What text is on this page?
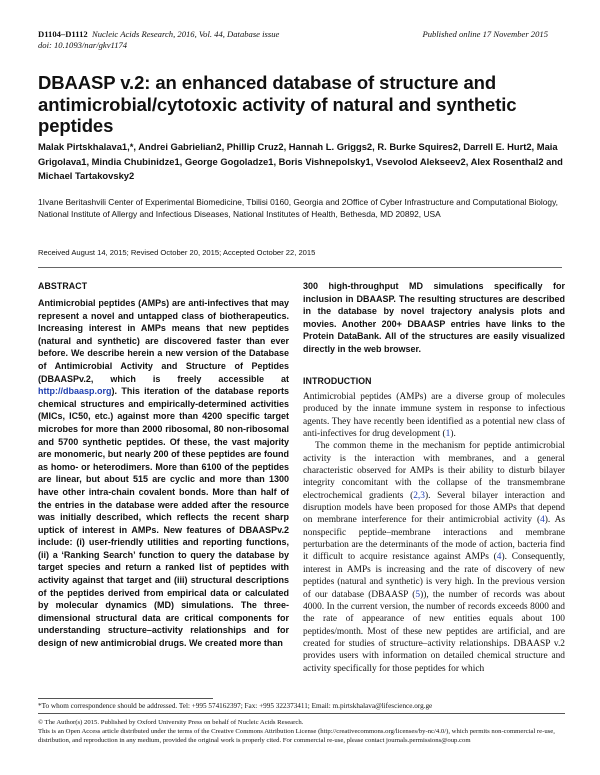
D1104–D1112 Nucleic Acids Research, 2016, Vol. 44, Database issue
doi: 10.1093/nar/gkv1174
Published online 17 November 2015
DBAASP v.2: an enhanced database of structure and antimicrobial/cytotoxic activity of natural and synthetic peptides
Malak Pirtskhalava1,*, Andrei Gabrielian2, Phillip Cruz2, Hannah L. Griggs2, R. Burke Squires2, Darrell E. Hurt2, Maia Grigolava1, Mindia Chubinidze1, George Gogoladze1, Boris Vishnepolsky1, Vsevolod Alekseev2, Alex Rosenthal2 and Michael Tartakovsky2
1Ivane Beritashvili Center of Experimental Biomedicine, Tbilisi 0160, Georgia and 2Office of Cyber Infrastructure and Computational Biology, National Institute of Allergy and Infectious Diseases, National Institutes of Health, Bethesda, MD 20892, USA
Received August 14, 2015; Revised October 20, 2015; Accepted October 22, 2015
ABSTRACT
Antimicrobial peptides (AMPs) are anti-infectives that may represent a novel and untapped class of biotherapeutics. Increasing interest in AMPs means that new peptides (natural and synthetic) are discovered faster than ever before. We describe herein a new version of the Database of Antimicrobial Activity and Structure of Peptides (DBAASPv.2, which is freely accessible at http://dbaasp.org). This iteration of the database reports chemical structures and empirically-determined activities (MICs, IC50, etc.) against more than 4200 specific target microbes for more than 2000 ribosomal, 80 non-ribosomal and 5700 synthetic peptides. Of these, the vast majority are monomeric, but nearly 200 of these peptides are found as homo- or heterodimers. More than 6100 of the peptides are linear, but about 515 are cyclic and more than 1300 have other intra-chain covalent bonds. More than half of the entries in the database were added after the resource was initially described, which reflects the recent sharp uptick of interest in AMPs. New features of DBAASPv.2 include: (i) user-friendly utilities and reporting functions, (ii) a ‘Ranking Search’ function to query the database by target species and return a ranked list of peptides with activity against that target and (iii) structural descriptions of the peptides derived from empirical data or calculated by molecular dynamics (MD) simulations. The three-dimensional structural data are critical components for understanding structure–activity relationships and for design of new antimicrobial drugs. We created more than
300 high-throughput MD simulations specifically for inclusion in DBAASP. The resulting structures are described in the database by novel trajectory analysis plots and movies. Another 200+ DBAASP entries have links to the Protein DataBank. All of the structures are easily visualized directly in the web browser.
INTRODUCTION

Antimicrobial peptides (AMPs) are a diverse group of molecules produced by the innate immune system in response to infectious agents. They have recently been identified as a potential new class of anti-infectives for drug development (1).

The common theme in the mechanism for peptide antimicrobial activity is the interaction with membranes, and a general characteristic observed for AMPs is their ability to disturb bilayer integrity concomitant with the collapse of the transmembrane electrochemical gradients (2,3). Several bilayer interaction and disruption models have been proposed for those AMPs that depend on membrane interference for their antimicrobial activity (4). As nonspecific peptide–membrane interactions and membrane perturbation are the determinants of the mode of action, bacteria find it difficult to acquire resistance against AMPs (4). Consequently, interest in AMPs is increasing and the rate of discovery of new peptides (natural and synthetic) is very high. In the previous version of our database (DBAASP (5)), the number of records was about 4000. In the current version, the number of records exceeds 8000 and the rate of appearance of new entities equals about 100 peptides/month. Most of these new peptides are artificial, and are created for studies of structure–activity relationships. DBAASP v.2 provides users with information on detailed chemical structure and activity specifically for those peptides for which

*To whom correspondence should be addressed. Tel: +995 574162397; Fax: +995 322373411; Email: m.pirtskhalava@lifescience.org.ge
© The Author(s) 2015. Published by Oxford University Press on behalf of Nucleic Acids Research.
This is an Open Access article distributed under the terms of the Creative Commons Attribution License (http://creativecommons.org/licenses/by-nc/4.0/), which permits non-commercial re-use, distribution, and reproduction in any medium, provided the original work is properly cited. For commercial re-use, please contact journals.permissions@oup.com
